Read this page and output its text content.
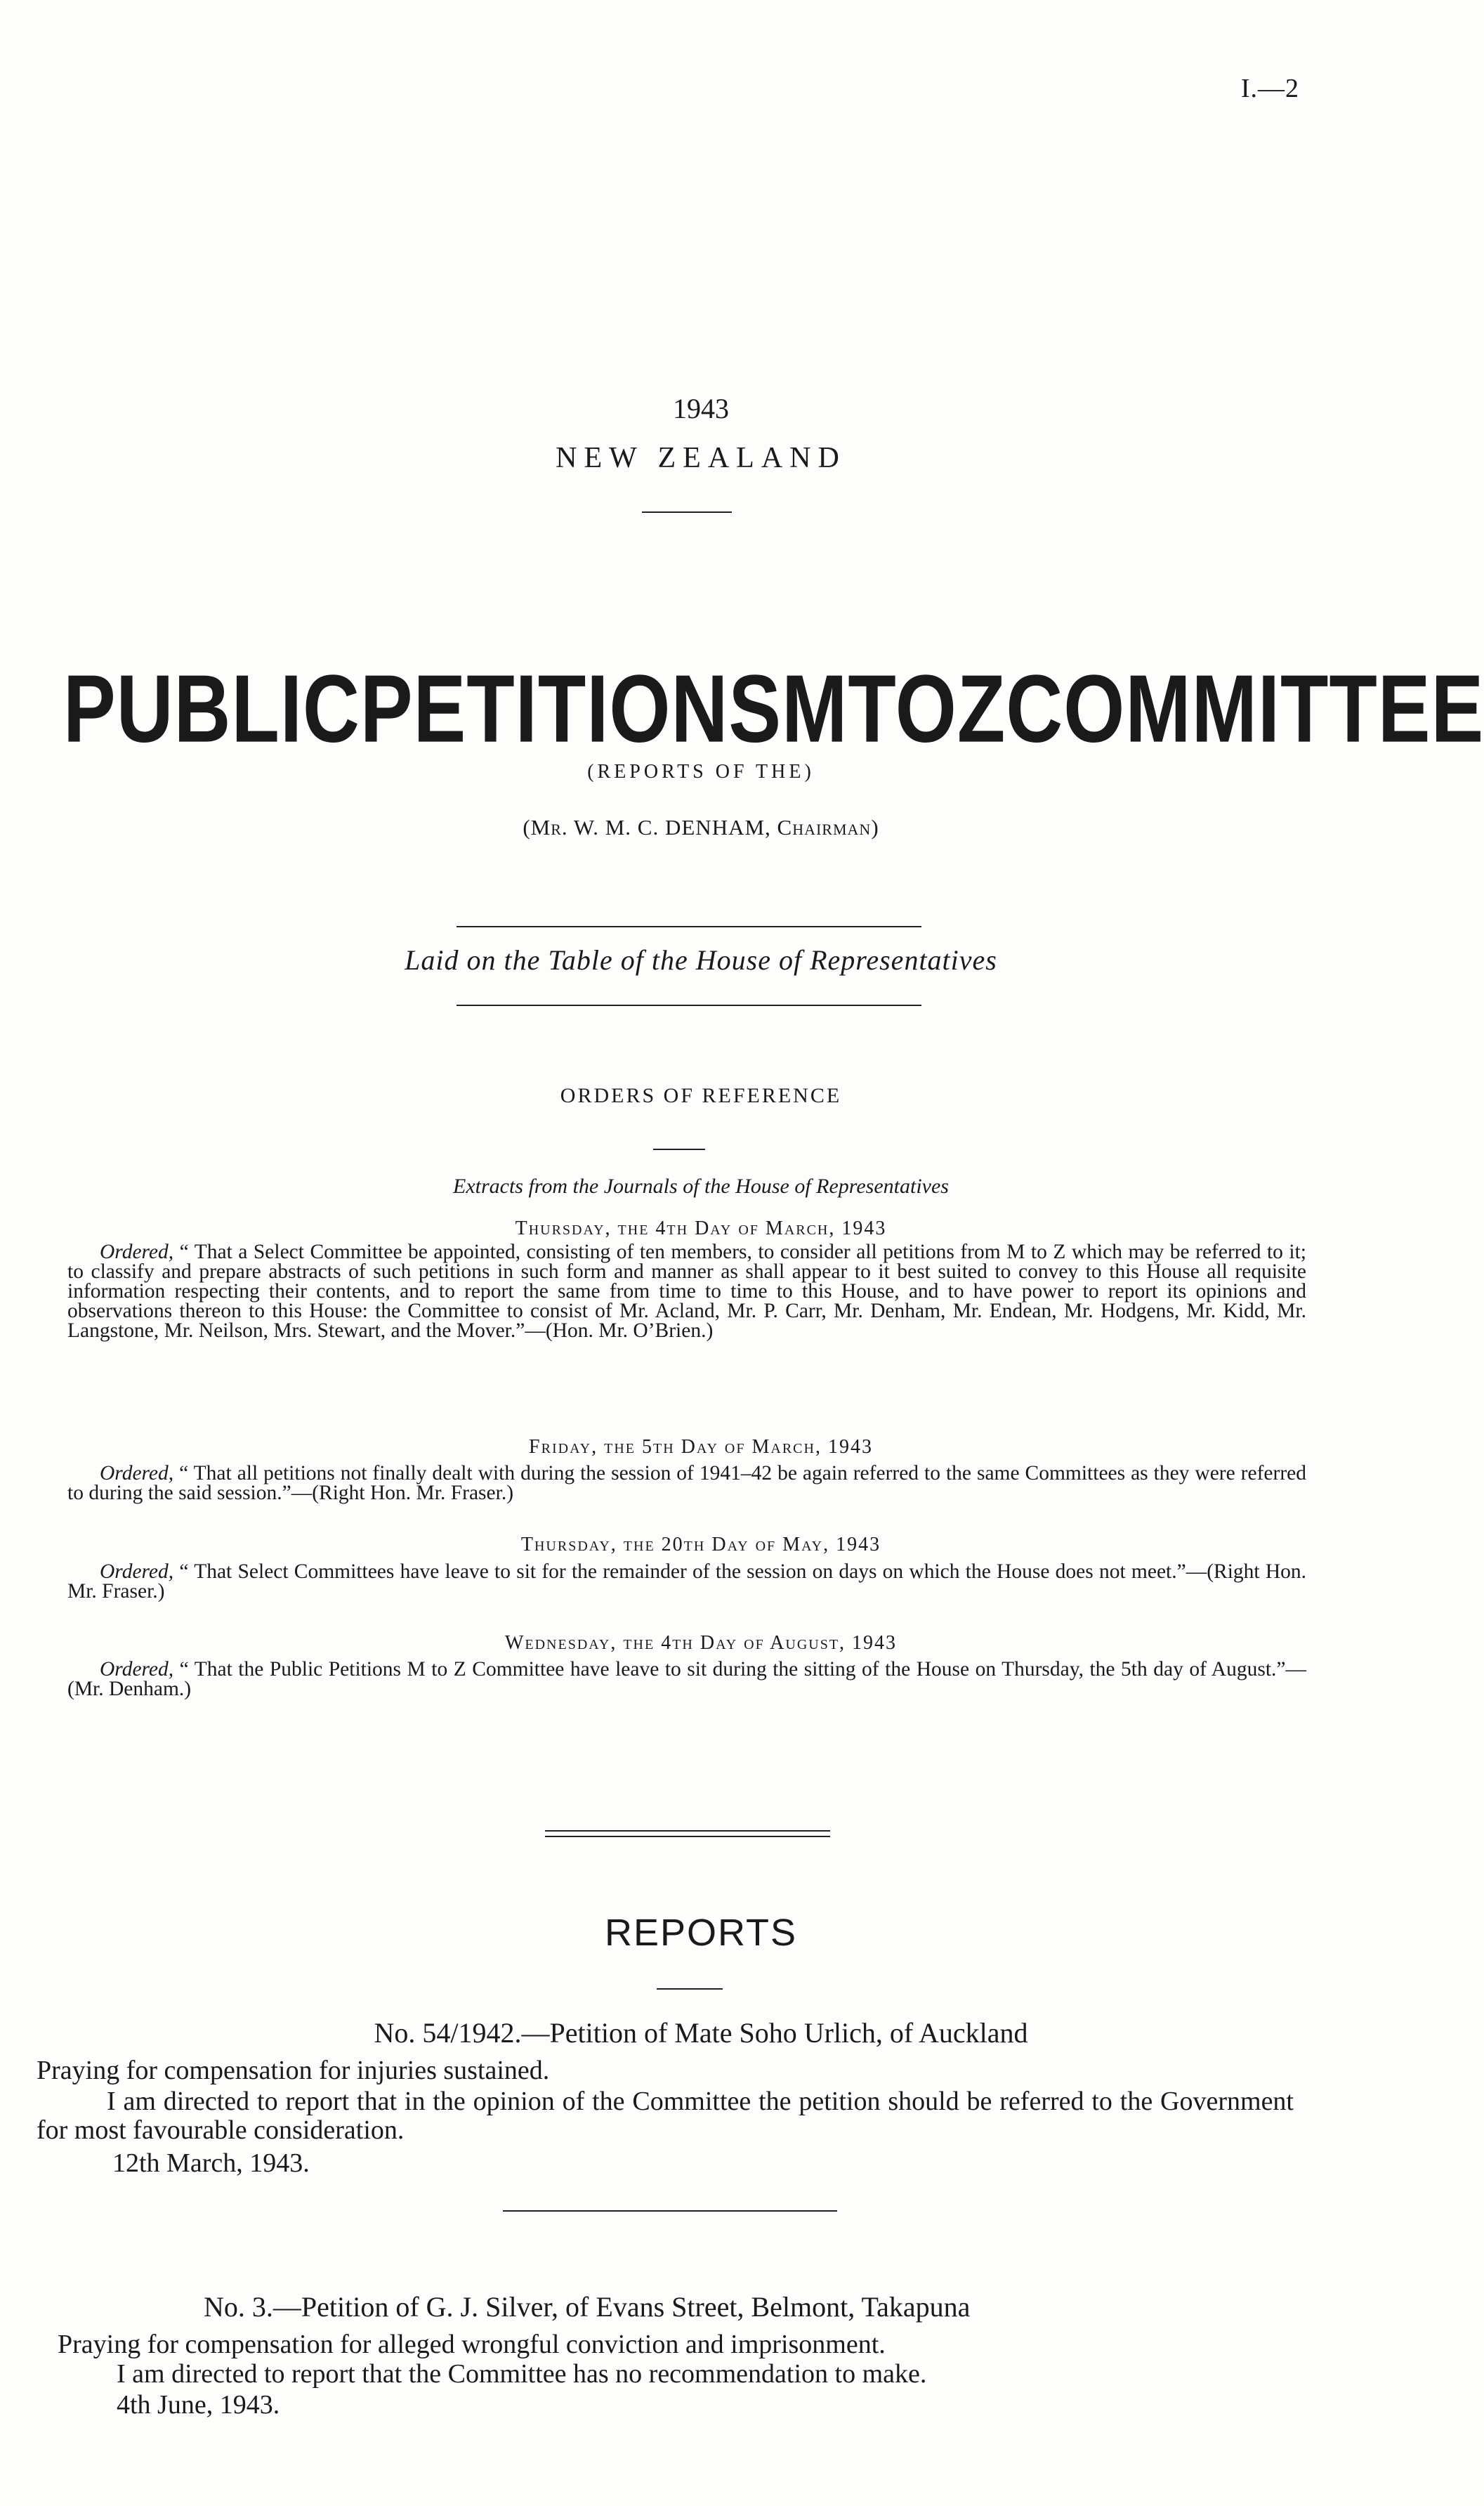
I.—2
1943
NEW ZEALAND
PUBLIC PETITIONS M TO Z COMMITTEE
(REPORTS OF THE)
(Mr. W. M. C. DENHAM, Chairman)
Laid on the Table of the House of Representatives
ORDERS OF REFERENCE
Extracts from the Journals of the House of Representatives
Thursday, the 4th Day of March, 1943
Ordered, “ That a Select Committee be appointed, consisting of ten members, to consider all petitions from M to Z which may be referred to it; to classify and prepare abstracts of such petitions in such form and manner as shall appear to it best suited to convey to this House all requisite information respecting their contents, and to report the same from time to time to this House, and to have power to report its opinions and observations thereon to this House: the Committee to consist of Mr. Acland, Mr. P. Carr, Mr. Denham, Mr. Endean, Mr. Hodgens, Mr. Kidd, Mr. Langstone, Mr. Neilson, Mrs. Stewart, and the Mover.”—(Hon. Mr. O’Brien.)
Friday, the 5th Day of March, 1943
Ordered, “ That all petitions not finally dealt with during the session of 1941–42 be again referred to the same Committees as they were referred to during the said session.”—(Right Hon. Mr. Fraser.)
Thursday, the 20th Day of May, 1943
Ordered, “ That Select Committees have leave to sit for the remainder of the session on days on which the House does not meet.”—(Right Hon. Mr. Fraser.)
Wednesday, the 4th Day of August, 1943
Ordered, “ That the Public Petitions M to Z Committee have leave to sit during the sitting of the House on Thursday, the 5th day of August.”—(Mr. Denham.)
REPORTS
No. 54/1942.—Petition of Mate Soho Urlich, of Auckland
Praying for compensation for injuries sustained.
I am directed to report that in the opinion of the Committee the petition should be referred to the Government for most favourable consideration.
12th March, 1943.
No. 3.—Petition of G. J. Silver, of Evans Street, Belmont, Takapuna
Praying for compensation for alleged wrongful conviction and imprisonment.
I am directed to report that the Committee has no recommendation to make.
4th June, 1943.
